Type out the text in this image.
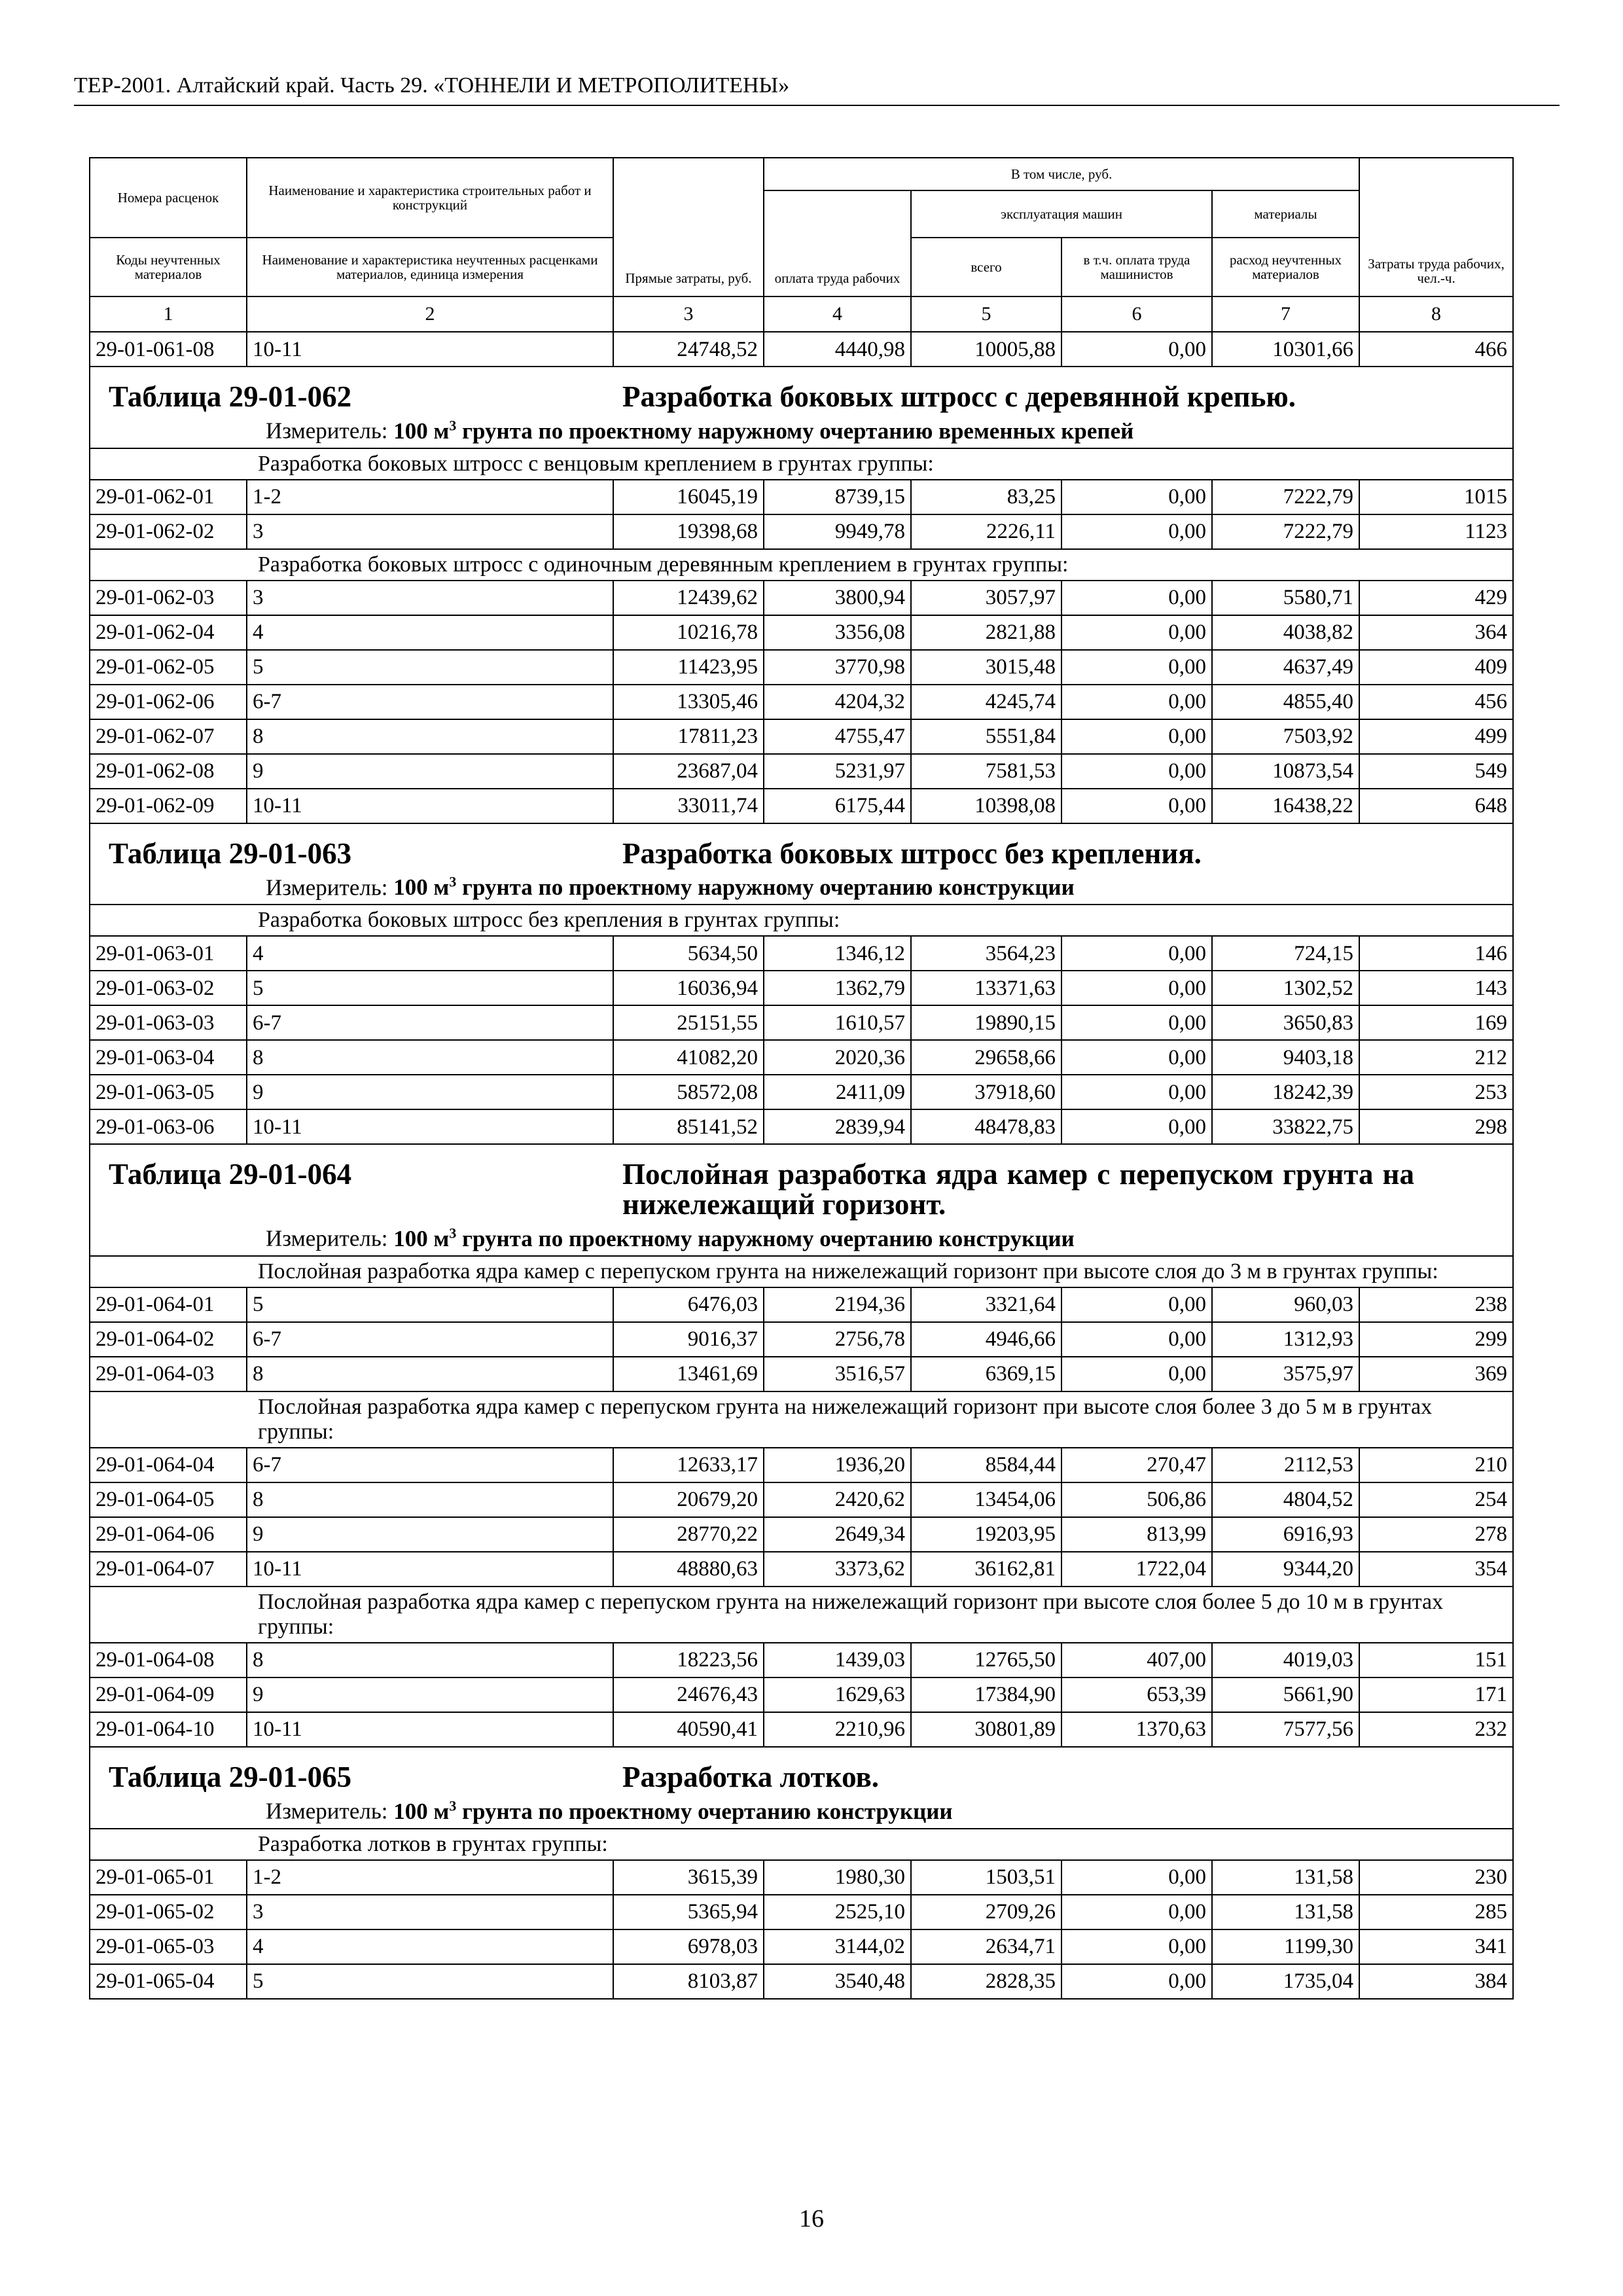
ТЕР-2001. Алтайский край. Часть 29. «ТОННЕЛИ И МЕТРОПОЛИТЕНЫ»
Номера расценок	Наименование и характеристика строительных работ и конструкций	Прямые затраты, руб.	В том числе, руб.				Затраты труда рабочих, чел.-ч.
			оплата труда рабочих	эксплуатация машин		материалы	
Коды неучтенных материалов	Наименование и характеристика неучтенных расценками материалов, единица измерения			всего	в т.ч. оплата труда машинистов	расход неучтенных материалов	

1	2	3	4	5	6	7	8
29-01-061-08	10-11	24748,52	4440,98	10005,88	0,00	10301,66	466

Таблица 29-01-062 Разработка боковых штросс с деревянной крепью.
Измеритель: 100 $м^3$ грунта по проектному наружному очертанию временных крепей							

Разработка боковых штросс с венцовым креплением в грунтах группы:							
29-01-062-01	1-2	16045,19	8739,15	83,25	0,00	7222,79	1015
29-01-062-02	3	19398,68	9949,78	2226,11	0,00	7222,79	1123
Разработка боковых штросс с одиночным деревянным креплением в грунтах группы:							
29-01-062-03	3	12439,62	3800,94	3057,97	0,00	5580,71	429
29-01-062-04	4	10216,78	3356,08	2821,88	0,00	4038,82	364
29-01-062-05	5	11423,95	3770,98	3015,48	0,00	4637,49	409
29-01-062-06	6-7	13305,46	4204,32	4245,74	0,00	4855,40	456
29-01-062-07	8	17811,23	4755,47	5551,84	0,00	7503,92	499
29-01-062-08	9	23687,04	5231,97	7581,53	0,00	10873,54	549
29-01-062-09	10-11	33011,74	6175,44	10398,08	0,00	16438,22	648

Таблица 29-01-063 Разработка боковых штросс без крепления.
Измеритель: 100 $м^3$ грунта по проектному наружному очертанию конструкции							

Разработка боковых штросс без крепления в грунтах группы:							
29-01-063-01	4	5634,50	1346,12	3564,23	0,00	724,15	146
29-01-063-02	5	16036,94	1362,79	13371,63	0,00	1302,52	143
29-01-063-03	6-7	25151,55	1610,57	19890,15	0,00	3650,83	169
29-01-063-04	8	41082,20	2020,36	29658,66	0,00	9403,18	212
29-01-063-05	9	58572,08	2411,09	37918,60	0,00	18242,39	253
29-01-063-06	10-11	85141,52	2839,94	48478,83	0,00	33822,75	298

Таблица 29-01-064 Послойная разработка ядра камер с перепуском грунта на нижележащий горизонт.
Измеритель: 100 $м^3$ грунта по проектному наружному очертанию конструкции							

Послойная разработка ядра камер с перепуском грунта на нижележащий горизонт при высоте слоя до 3 м в грунтах группы:							
29-01-064-01	5	6476,03	2194,36	3321,64	0,00	960,03	238
29-01-064-02	6-7	9016,37	2756,78	4946,66	0,00	1312,93	299
29-01-064-03	8	13461,69	3516,57	6369,15	0,00	3575,97	369
Послойная разработка ядра камер с перепуском грунта на нижележащий горизонт при высоте слоя более 3 до 5 м в грунтах группы:							
29-01-064-04	6-7	12633,17	1936,20	8584,44	270,47	2112,53	210
29-01-064-05	8	20679,20	2420,62	13454,06	506,86	4804,52	254
29-01-064-06	9	28770,22	2649,34	19203,95	813,99	6916,93	278
29-01-064-07	10-11	48880,63	3373,62	36162,81	1722,04	9344,20	354
Послойная разработка ядра камер с перепуском грунта на нижележащий горизонт при высоте слоя более 5 до 10 м в грунтах группы:							
29-01-064-08	8	18223,56	1439,03	12765,50	407,00	4019,03	151
29-01-064-09	9	24676,43	1629,63	17384,90	653,39	5661,90	171
29-01-064-10	10-11	40590,41	2210,96	30801,89	1370,63	7577,56	232

Таблица 29-01-065 Разработка лотков.
Измеритель: 100 $м^3$ грунта по проектному очертанию конструкции							

Разработка лотков в грунтах группы:							
29-01-065-01	1-2	3615,39	1980,30	1503,51	0,00	131,58	230
29-01-065-02	3	5365,94	2525,10	2709,26	0,00	131,58	285
29-01-065-03	4	6978,03	3144,02	2634,71	0,00	1199,30	341
29-01-065-04	5	8103,87	3540,48	2828,35	0,00	1735,04	384
16
